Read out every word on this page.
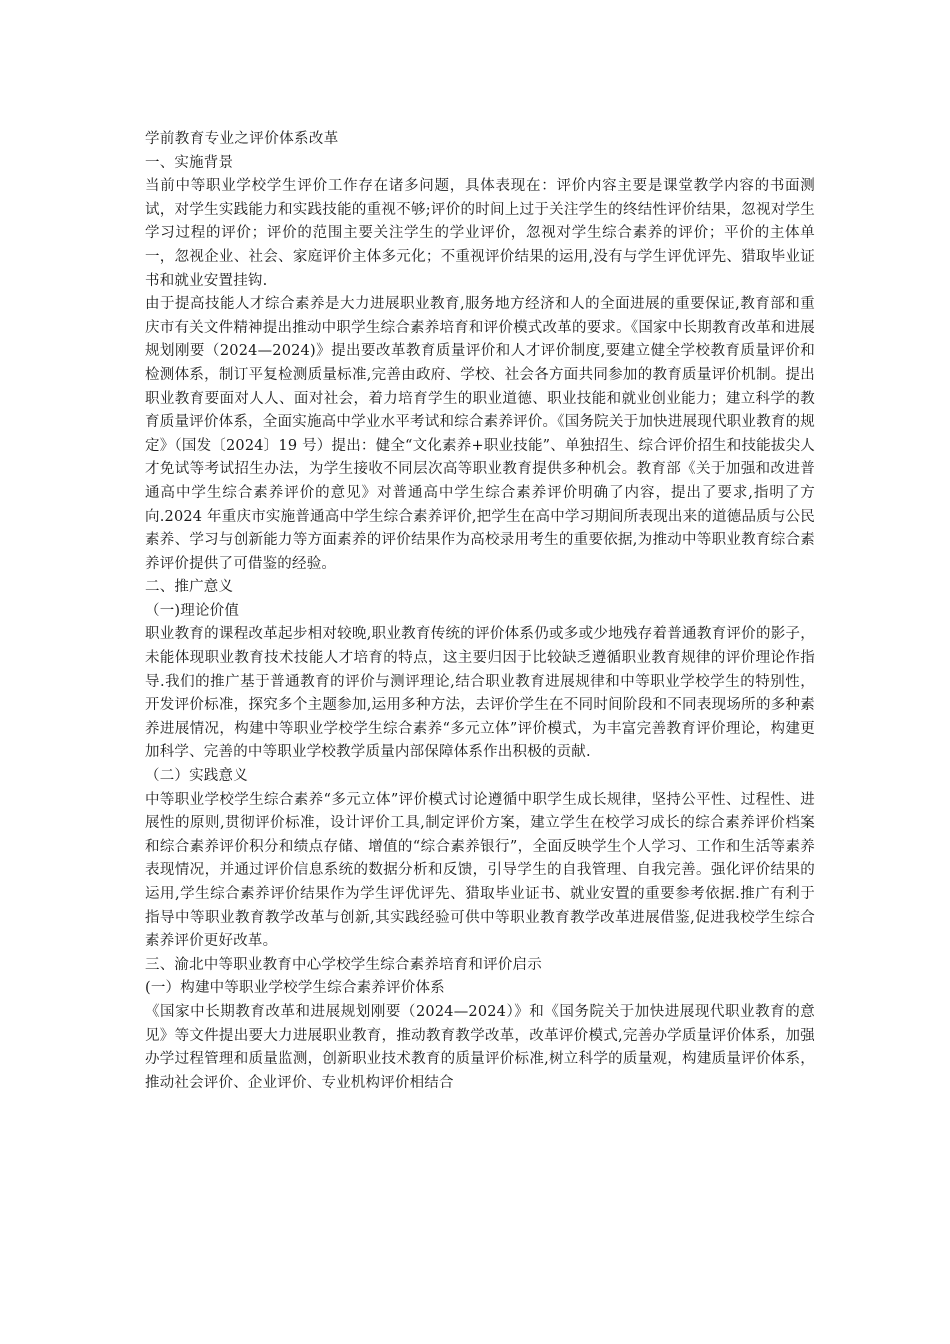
学前教育专业之评价体系改革

一、实施背景

当前中等职业学校学生评价工作存在诸多问题，具体表现在：评价内容主要是课堂教学内容的书面测试，对学生实践能力和实践技能的重视不够;评价的时间上过于关注学生的终结性评价结果，忽视对学生学习过程的评价；评价的范围主要关注学生的学业评价，忽视对学生综合素养的评价；平价的主体单一，忽视企业、社会、家庭评价主体多元化；不重视评价结果的运用,没有与学生评优评先、猎取毕业证书和就业安置挂钩.

由于提高技能人才综合素养是大力进展职业教育,服务地方经济和人的全面进展的重要保证,教育部和重庆市有关文件精神提出推动中职学生综合素养培育和评价模式改革的要求。《国家中长期教育改革和进展规划刚要（2024—2024)》提出要改革教育质量评价和人才评价制度,要建立健全学校教育质量评价和检测体系，制订平复检测质量标准,完善由政府、学校、社会各方面共同参加的教育质量评价机制。提出职业教育要面对人人、面对社会，着力培育学生的职业道德、职业技能和就业创业能力；建立科学的教育质量评价体系，全面实施高中学业水平考试和综合素养评价。《国务院关于加快进展现代职业教育的规定》（国发〔2024〕19 号）提出：健全“文化素养+职业技能”、单独招生、综合评价招生和技能拔尖人才免试等考试招生办法，为学生接收不同层次高等职业教育提供多种机会。教育部《关于加强和改进普通高中学生综合素养评价的意见》对普通高中学生综合素养评价明确了内容，提出了要求,指明了方向.2024 年重庆市实施普通高中学生综合素养评价,把学生在高中学习期间所表现出来的道德品质与公民素养、学习与创新能力等方面素养的评价结果作为高校录用考生的重要依据,为推动中等职业教育综合素养评价提供了可借鉴的经验。

二、推广意义

（一)理论价值

职业教育的课程改革起步相对较晚,职业教育传统的评价体系仍或多或少地残存着普通教育评价的影子，未能体现职业教育技术技能人才培育的特点，这主要归因于比较缺乏遵循职业教育规律的评价理论作指导.我们的推广基于普通教育的评价与测评理论,结合职业教育进展规律和中等职业学校学生的特别性，开发评价标准，探究多个主题参加,运用多种方法，去评价学生在不同时间阶段和不同表现场所的多种素养进展情况，构建中等职业学校学生综合素养“多元立体”评价模式，为丰富完善教育评价理论，构建更加科学、完善的中等职业学校教学质量内部保障体系作出积极的贡献.

（二）实践意义

中等职业学校学生综合素养“多元立体”评价模式讨论遵循中职学生成长规律，坚持公平性、过程性、进展性的原则,贯彻评价标准，设计评价工具,制定评价方案，建立学生在校学习成长的综合素养评价档案和综合素养评价积分和绩点存储、增值的“综合素养银行”，全面反映学生个人学习、工作和生活等素养表现情况，并通过评价信息系统的数据分析和反馈，引导学生的自我管理、自我完善。强化评价结果的运用,学生综合素养评价结果作为学生评优评先、猎取毕业证书、就业安置的重要参考依据.推广有利于指导中等职业教育教学改革与创新,其实践经验可供中等职业教育教学改革进展借鉴,促进我校学生综合素养评价更好改革。

三、渝北中等职业教育中心学校学生综合素养培育和评价启示

(一）构建中等职业学校学生综合素养评价体系

《国家中长期教育改革和进展规划刚要（2024—2024）》和《国务院关于加快进展现代职业教育的意见》等文件提出要大力进展职业教育，推动教育教学改革，改革评价模式,完善办学质量评价体系，加强办学过程管理和质量监测，创新职业技术教育的质量评价标准,树立科学的质量观，构建质量评价体系，推动社会评价、企业评价、专业机构评价相结合
